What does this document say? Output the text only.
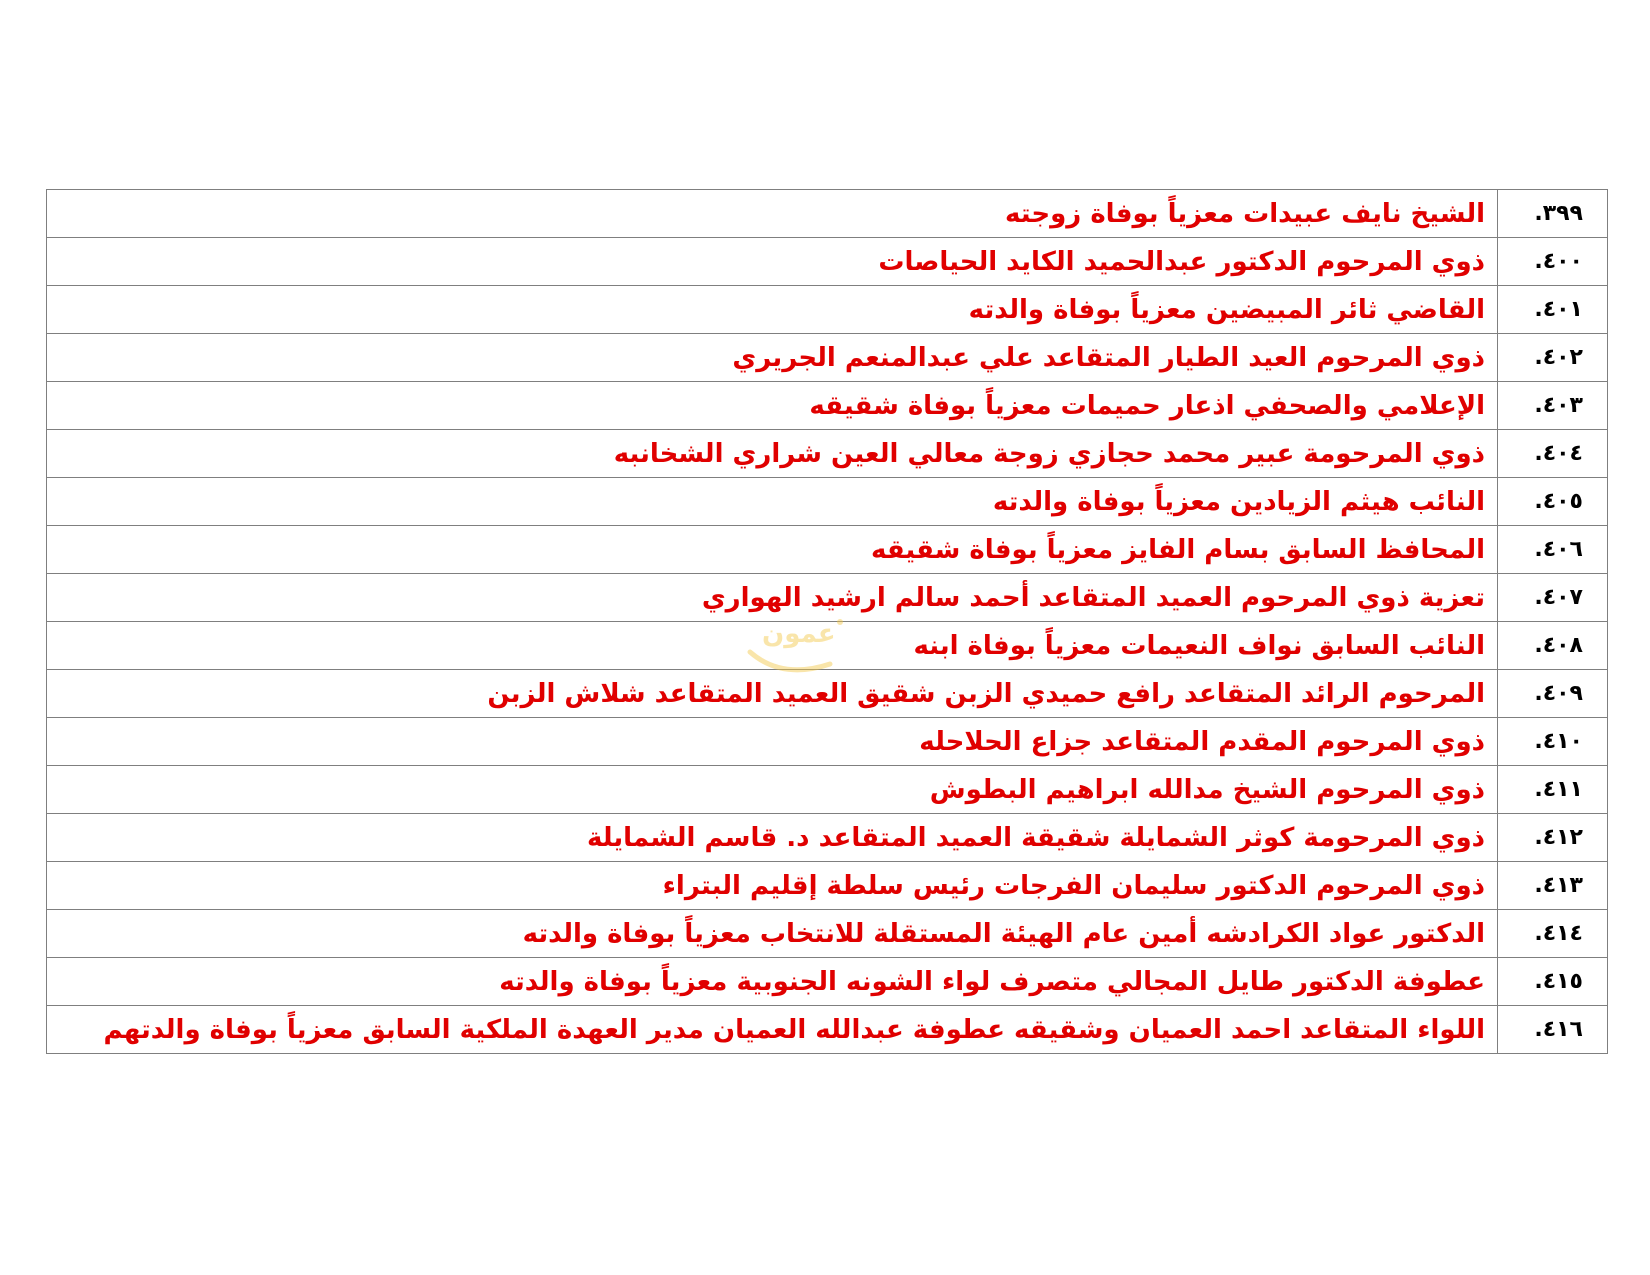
٣٩٩.	الشيخ نايف عبيدات معزياً بوفاة زوجته
٤٠٠.	ذوي المرحوم الدكتور عبدالحميد الكايد الحياصات
٤٠١.	القاضي ثائر المبيضين معزياً بوفاة والدته
٤٠٢.	ذوي المرحوم العيد الطيار المتقاعد علي عبدالمنعم الجريري
٤٠٣.	الإعلامي والصحفي اذعار حميمات معزياً بوفاة شقيقه
٤٠٤.	ذوي المرحومة عبير محمد حجازي زوجة معالي العين شراري الشخانبه
٤٠٥.	النائب هيثم الزيادين معزياً بوفاة والدته
٤٠٦.	المحافظ السابق بسام الفايز معزياً بوفاة شقيقه
٤٠٧.	تعزية ذوي المرحوم العميد المتقاعد أحمد سالم ارشيد الهواري
٤٠٨.	النائب السابق نواف النعيمات معزياً بوفاة ابنه
٤٠٩.	المرحوم الرائد المتقاعد رافع حميدي الزبن شقيق العميد المتقاعد شلاش الزبن
٤١٠.	ذوي المرحوم المقدم المتقاعد جزاع الحلاحله
٤١١.	ذوي المرحوم الشيخ مدالله ابراهيم البطوش
٤١٢.	ذوي المرحومة كوثر الشمايلة شقيقة العميد المتقاعد د. قاسم الشمايلة
٤١٣.	ذوي المرحوم الدكتور سليمان الفرجات رئيس سلطة إقليم البتراء
٤١٤.	الدكتور عواد الكرادشه أمين عام الهيئة المستقلة للانتخاب معزياً بوفاة والدته
٤١٥.	عطوفة الدكتور طايل المجالي متصرف لواء الشونه الجنوبية معزياً بوفاة والدته
٤١٦.	اللواء المتقاعد احمد العميان وشقيقه عطوفة عبدالله العميان مدير العهدة الملكية السابق معزياً بوفاة والدتهم
عمون
